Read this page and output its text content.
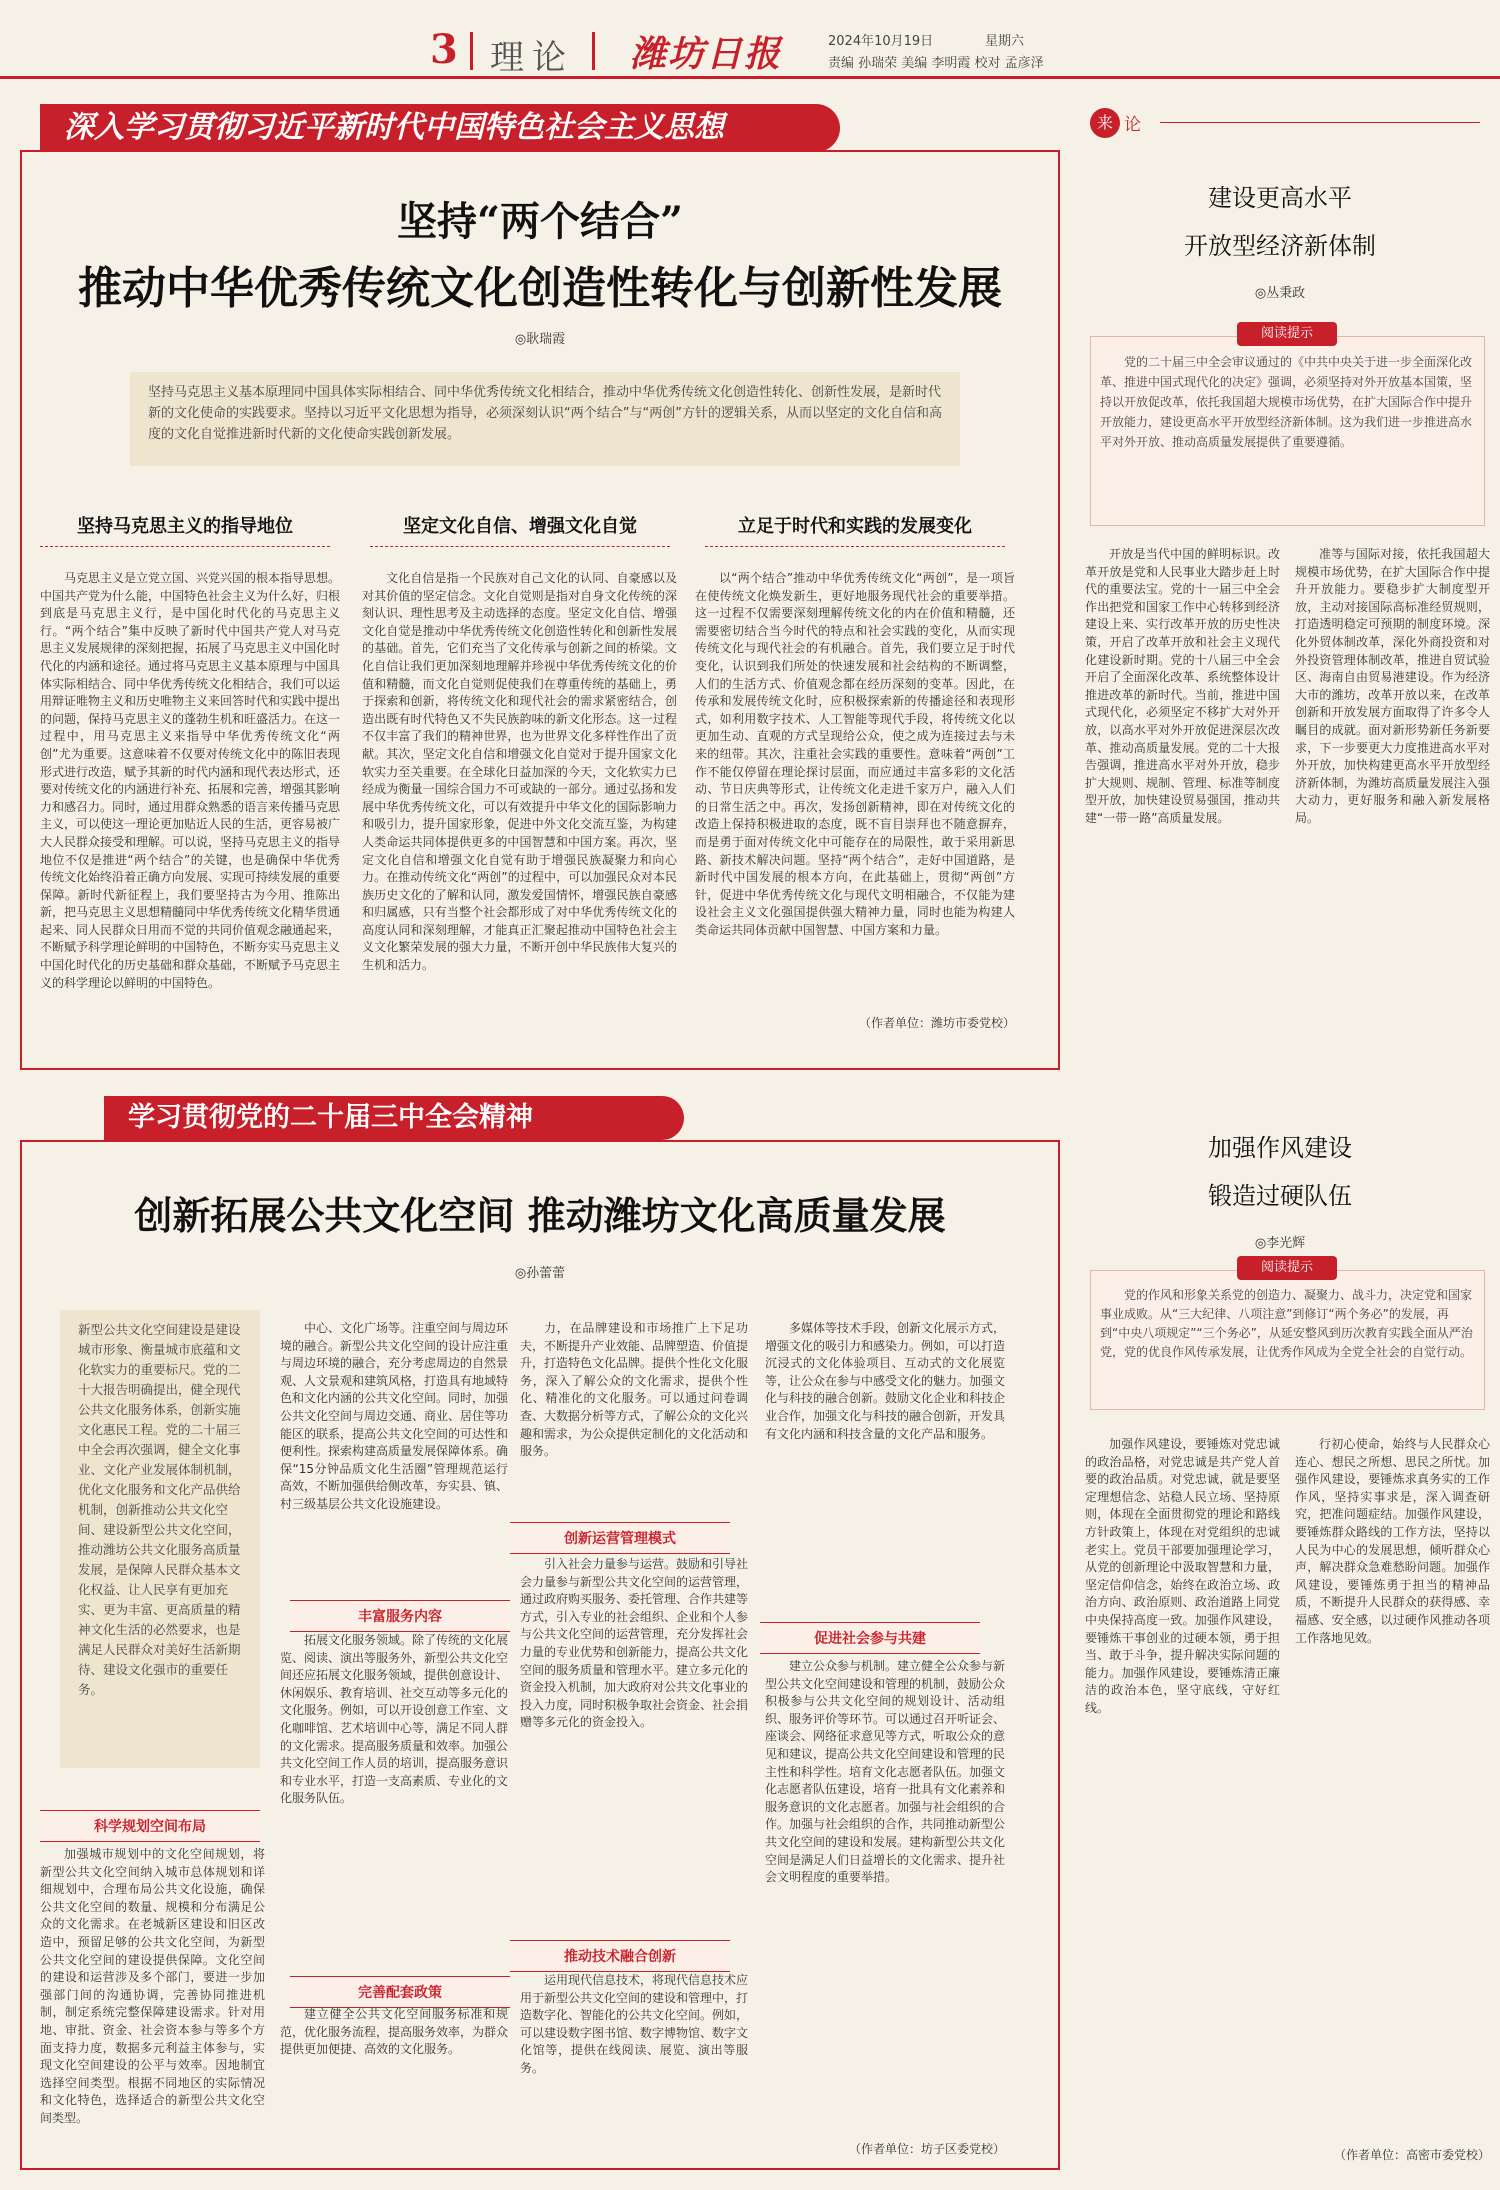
3 理论 潍坊日报	2024年10月19日	星期六
责编 孙瑞荣 美编 李明霞 校对 孟彦泽
深入学习贯彻习近平新时代中国特色社会主义思想
坚持“两个结合”
推动中华优秀传统文化创造性转化与创新性发展
◎耿瑞霞
坚持马克思主义基本原理同中国具体实际相结合、同中华优秀传统文化相结合，推动中华优秀传统文化创造性转化、创新性发展，是新时代新的文化使命的实践要求。坚持以习近平文化思想为指导，必须深刻认识“两个结合”与“两创”方针的逻辑关系，从而以坚定的文化自信和高度的文化自觉推进新时代新的文化使命实践创新发展。
坚持马克思主义的指导地位	坚定文化自信、增强文化自觉	立足于时代和实践的发展变化
马克思主义是立党立国、兴党兴国的根本指导思想。中国共产党为什么能，中国特色社会主义为什么好，归根到底是马克思主义行，是中国化时代化的马克思主义行。“两个结合”集中反映了新时代中国共产党人对马克思主义发展规律的深刻把握，拓展了马克思主义中国化时代化的内涵和途径。通过将马克思主义基本原理与中国具体实际相结合、同中华优秀传统文化相结合，我们可以运用辩证唯物主义和历史唯物主义来回答时代和实践中提出的问题，保持马克思主义的蓬勃生机和旺盛活力。在这一过程中，用马克思主义来指导中华优秀传统文化“两创”尤为重要。这意味着不仅要对传统文化中的陈旧表现形式进行改造，赋予其新的时代内涵和现代表达形式，还要对传统文化的内涵进行补充、拓展和完善，增强其影响力和感召力。同时，通过用群众熟悉的语言来传播马克思主义，可以使这一理论更加贴近人民的生活，更容易被广大人民群众接受和理解。可以说，坚持马克思主义的指导地位不仅是推进“两个结合”的关键，也是确保中华优秀传统文化始终沿着正确方向发展、实现可持续发展的重要保障。新时代新征程上，我们要坚持古为今用、推陈出新，把马克思主义思想精髓同中华优秀传统文化精华贯通起来、同人民群众日用而不觉的共同价值观念融通起来，不断赋予科学理论鲜明的中国特色，不断夯实马克思主义中国化时代化的历史基础和群众基础，不断赋予马克思主义的科学理论以鲜明的中国特色。
文化自信是指一个民族对自己文化的认同、自豪感以及对其价值的坚定信念。文化自觉则是指对自身文化传统的深刻认识、理性思考及主动选择的态度。坚定文化自信、增强文化自觉是推动中华优秀传统文化创造性转化和创新性发展的基础。首先，它们充当了文化传承与创新之间的桥梁。文化自信让我们更加深刻地理解并珍视中华优秀传统文化的价值和精髓，而文化自觉则促使我们在尊重传统的基础上，勇于探索和创新，将传统文化和现代社会的需求紧密结合，创造出既有时代特色又不失民族韵味的新文化形态。这一过程不仅丰富了我们的精神世界，也为世界文化多样性作出了贡献。其次，坚定文化自信和增强文化自觉对于提升国家文化软实力至关重要。在全球化日益加深的今天，文化软实力已经成为衡量一国综合国力不可或缺的一部分。通过弘扬和发展中华优秀传统文化，可以有效提升中华文化的国际影响力和吸引力，提升国家形象，促进中外文化交流互鉴，为构建人类命运共同体提供更多的中国智慧和中国方案。再次，坚定文化自信和增强文化自觉有助于增强民族凝聚力和向心力。在推动传统文化“两创”的过程中，可以加强民众对本民族历史文化的了解和认同，激发爱国情怀，增强民族自豪感和归属感，只有当整个社会都形成了对中华优秀传统文化的高度认同和深刻理解，才能真正汇聚起推动中国特色社会主义文化繁荣发展的强大力量，不断开创中华民族伟大复兴的生机和活力。
以“两个结合”推动中华优秀传统文化“两创”，是一项旨在使传统文化焕发新生，更好地服务现代社会的重要举措。这一过程不仅需要深刻理解传统文化的内在价值和精髓，还需要密切结合当今时代的特点和社会实践的变化，从而实现传统文化与现代社会的有机融合。首先，我们要立足于时代变化，认识到我们所处的快速发展和社会结构的不断调整，人们的生活方式、价值观念都在经历深刻的变革。因此，在传承和发展传统文化时，应积极探索新的传播途径和表现形式，如利用数字技术、人工智能等现代手段，将传统文化以更加生动、直观的方式呈现给公众，使之成为连接过去与未来的纽带。其次，注重社会实践的重要性。意味着“两创”工作不能仅停留在理论探讨层面，而应通过丰富多彩的文化活动、节日庆典等形式，让传统文化走进千家万户，融入人们的日常生活之中。再次，发扬创新精神，即在对传统文化的改造上保持积极进取的态度，既不盲目崇拜也不随意摒弃，而是勇于面对传统文化中可能存在的局限性，敢于采用新思路、新技术解决问题。坚持“两个结合”，走好中国道路，是新时代中国发展的根本方向，在此基础上，贯彻“两创”方针，促进中华优秀传统文化与现代文明相融合，不仅能为建设社会主义文化强国提供强大精神力量，同时也能为构建人类命运共同体贡献中国智慧、中国方案和力量。
（作者单位：潍坊市委党校）
学习贯彻党的二十届三中全会精神
创新拓展公共文化空间 推动潍坊文化高质量发展
◎孙蕾蕾
新型公共文化空间建设是建设城市形象、衡量城市底蕴和文化软实力的重要标尺。党的二十大报告明确提出，健全现代公共文化服务体系，创新实施文化惠民工程。党的二十届三中全会再次强调，健全文化事业、文化产业发展体制机制，优化文化服务和文化产品供给机制，创新推动公共文化空间、建设新型公共文化空间，推动潍坊公共文化服务高质量发展，是保障人民群众基本文化权益、让人民享有更加充实、更为丰富、更高质量的精神文化生活的必然要求，也是满足人民群众对美好生活新期待、建设文化强市的重要任务。
科学规划空间布局
丰富服务内容
创新运营管理模式
促进社会参与共建
完善配套政策
推动技术融合创新
加强城市规划中的文化空间规划，将新型公共文化空间纳入城市总体规划和详细规划中，合理布局公共文化设施，确保公共文化空间的数量、规模和分布满足公众的文化需求。在老城新区建设和旧区改造中，预留足够的公共文化空间，为新型公共文化空间的建设提供保障。文化空间的建设和运营涉及多个部门，要进一步加强部门间的沟通协调，完善协同推进机制，制定系统完整保障建设需求。针对用地、审批、资金、社会资本参与等多个方面支持力度，数据多元利益主体参与，实现文化空间建设的公平与效率。因地制宜选择空间类型。根据不同地区的实际情况和文化特色，选择适合的新型公共文化空间类型。
中心、文化广场等。注重空间与周边环境的融合。新型公共文化空间的设计应注重与周边环境的融合，充分考虑周边的自然景观、人文景观和建筑风格，打造具有地域特色和文化内涵的公共文化空间。同时，加强公共文化空间与周边交通、商业、居住等功能区的联系，提高公共文化空间的可达性和便利性。探索构建高质量发展保障体系。确保“15分钟品质文化生活圈”管理规范运行高效，不断加强供给侧改革，夯实县、镇、村三级基层公共文化设施建设。
拓展文化服务领域。除了传统的文化展览、阅读、演出等服务外，新型公共文化空间还应拓展文化服务领域，提供创意设计、休闲娱乐、教育培训、社交互动等多元化的文化服务。例如，可以开设创意工作室、文化咖啡馆、艺术培训中心等，满足不同人群的文化需求。提高服务质量和效率。加强公共文化空间工作人员的培训，提高服务意识和专业水平，打造一支高素质、专业化的文化服务队伍。
建立健全公共文化空间服务标准和规范，优化服务流程，提高服务效率，为群众提供更加便捷、高效的文化服务。
力，在品牌建设和市场推广上下足功夫，不断提升产业效能、品牌塑造、价值提升，打造特色文化品牌。提供个性化文化服务，深入了解公众的文化需求，提供个性化、精准化的文化服务。可以通过问卷调查、大数据分析等方式，了解公众的文化兴趣和需求，为公众提供定制化的文化活动和服务。
引入社会力量参与运营。鼓励和引导社会力量参与新型公共文化空间的运营管理，通过政府购买服务、委托管理、合作共建等方式，引入专业的社会组织、企业和个人参与公共文化空间的运营管理，充分发挥社会力量的专业优势和创新能力，提高公共文化空间的服务质量和管理水平。建立多元化的资金投入机制，加大政府对公共文化事业的投入力度，同时积极争取社会资金、社会捐赠等多元化的资金投入。
运用现代信息技术，将现代信息技术应用于新型公共文化空间的建设和管理中，打造数字化、智能化的公共文化空间。例如，可以建设数字图书馆、数字博物馆、数字文化馆等，提供在线阅读、展览、演出等服务。
多媒体等技术手段，创新文化展示方式，增强文化的吸引力和感染力。例如，可以打造沉浸式的文化体验项目、互动式的文化展览等，让公众在参与中感受文化的魅力。加强文化与科技的融合创新。鼓励文化企业和科技企业合作，加强文化与科技的融合创新，开发具有文化内涵和科技含量的文化产品和服务。
建立公众参与机制。建立健全公众参与新型公共文化空间建设和管理的机制，鼓励公众积极参与公共文化空间的规划设计、活动组织、服务评价等环节。可以通过召开听证会、座谈会、网络征求意见等方式，听取公众的意见和建议，提高公共文化空间建设和管理的民主性和科学性。培育文化志愿者队伍。加强文化志愿者队伍建设，培育一批具有文化素养和服务意识的文化志愿者。加强与社会组织的合作。加强与社会组织的合作，共同推动新型公共文化空间的建设和发展。建构新型公共文化空间是满足人们日益增长的文化需求、提升社会文明程度的重要举措。
（作者单位：坊子区委党校）
来 论
建设更高水平
开放型经济新体制
◎丛秉政
阅读提示
党的二十届三中全会审议通过的《中共中央关于进一步全面深化改革、推进中国式现代化的决定》强调，必须坚持对外开放基本国策，坚持以开放促改革，依托我国超大规模市场优势，在扩大国际合作中提升开放能力，建设更高水平开放型经济新体制。这为我们进一步推进高水平对外开放、推动高质量发展提供了重要遵循。
开放是当代中国的鲜明标识。改革开放是党和人民事业大踏步赶上时代的重要法宝。党的十一届三中全会作出把党和国家工作中心转移到经济建设上来、实行改革开放的历史性决策，开启了改革开放和社会主义现代化建设新时期。党的十八届三中全会开启了全面深化改革、系统整体设计推进改革的新时代。当前，推进中国式现代化，必须坚定不移扩大对外开放，以高水平对外开放促进深层次改革、推动高质量发展。党的二十大报告强调，推进高水平对外开放，稳步扩大规则、规制、管理、标准等制度型开放，加快建设贸易强国，推动共建“一带一路”高质量发展。
准等与国际对接，依托我国超大规模市场优势，在扩大国际合作中提升开放能力。要稳步扩大制度型开放，主动对接国际高标准经贸规则，打造透明稳定可预期的制度环境。深化外贸体制改革，深化外商投资和对外投资管理体制改革，推进自贸试验区、海南自由贸易港建设。作为经济大市的潍坊，改革开放以来，在改革创新和开放发展方面取得了许多令人瞩目的成就。面对新形势新任务新要求，下一步要更大力度推进高水平对外开放，加快构建更高水平开放型经济新体制，为潍坊高质量发展注入强大动力，更好服务和融入新发展格局。
加强作风建设
锻造过硬队伍
◎李光辉
阅读提示
党的作风和形象关系党的创造力、凝聚力、战斗力，决定党和国家事业成败。从“三大纪律、八项注意”到修订“两个务必”的发展，再到“中央八项规定”“三个务必”，从延安整风到历次教育实践全面从严治党，党的优良作风传承发展，让优秀作风成为全党全社会的自觉行动。
加强作风建设，要锤炼对党忠诚的政治品格，对党忠诚是共产党人首要的政治品质。对党忠诚，就是要坚定理想信念、站稳人民立场、坚持原则，体现在全面贯彻党的理论和路线方针政策上，体现在对党组织的忠诚老实上。党员干部要加强理论学习，从党的创新理论中汲取智慧和力量，坚定信仰信念，始终在政治立场、政治方向、政治原则、政治道路上同党中央保持高度一致。加强作风建设，要锤炼干事创业的过硬本领，勇于担当、敢于斗争，提升解决实际问题的能力。加强作风建设，要锤炼清正廉洁的政治本色，坚守底线，守好红线。
行初心使命，始终与人民群众心连心、想民之所想、思民之所忧。加强作风建设，要锤炼求真务实的工作作风，坚持实事求是，深入调查研究，把准问题症结。加强作风建设，要锤炼群众路线的工作方法，坚持以人民为中心的发展思想，倾听群众心声，解决群众急难愁盼问题。加强作风建设，要锤炼勇于担当的精神品质，不断提升人民群众的获得感、幸福感、安全感，以过硬作风推动各项工作落地见效。
（作者单位：高密市委党校）
